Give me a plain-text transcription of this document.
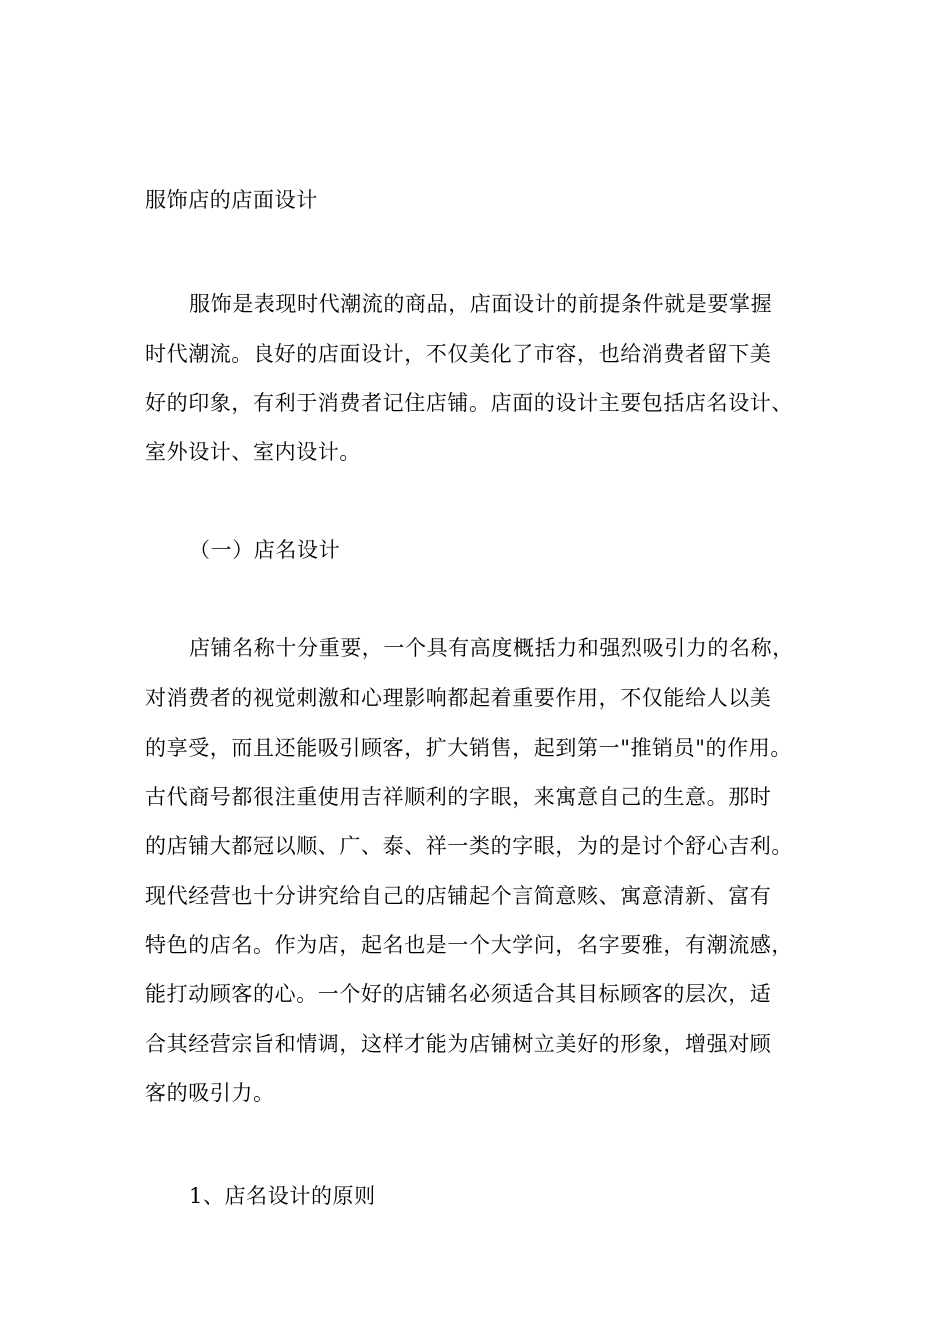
服饰店的店面设计
服饰是表现时代潮流的商品，店面设计的前提条件就是要掌握
时代潮流。良好的店面设计，不仅美化了市容，也给消费者留下美
好的印象，有利于消费者记住店铺。店面的设计主要包括店名设计、
室外设计、室内设计。
（一）店名设计
店铺名称十分重要，一个具有高度概括力和强烈吸引力的名称，
对消费者的视觉刺激和心理影响都起着重要作用，不仅能给人以美
的享受，而且还能吸引顾客，扩大销售，起到第一"推销员"的作用。
古代商号都很注重使用吉祥顺利的字眼，来寓意自己的生意。那时
的店铺大都冠以顺、广、泰、祥一类的字眼，为的是讨个舒心吉利。
现代经营也十分讲究给自己的店铺起个言简意赅、寓意清新、富有
特色的店名。作为店，起名也是一个大学问，名字要雅，有潮流感，
能打动顾客的心。一个好的店铺名必须适合其目标顾客的层次，适
合其经营宗旨和情调，这样才能为店铺树立美好的形象，增强对顾
客的吸引力。
1、店名设计的原则
